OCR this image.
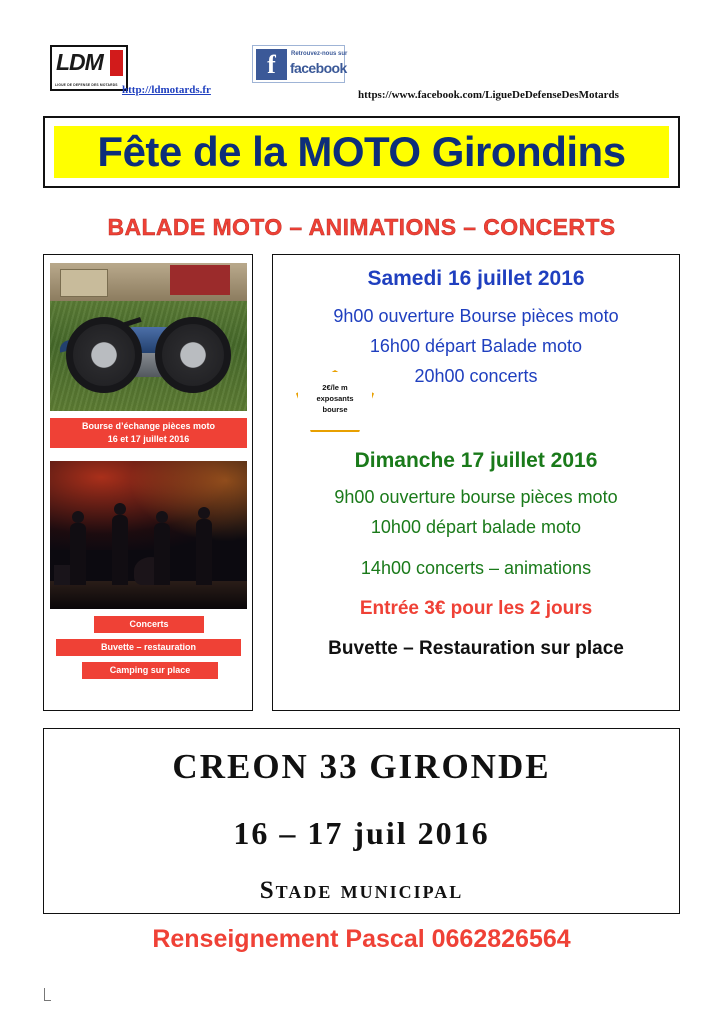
LDM
LIGUE DE DEFENSE DES MOTARDS http://ldmotards.fr
f	Retrouvez-nous sur
facebook
https://www.facebook.com/LigueDeDefenseDesMotards
Fête de la MOTO Girondins
BALADE MOTO – ANIMATIONS – CONCERTS
Bourse d’échange pièces moto
16 et 17 juillet 2016
Concerts
Buvette – restauration
Camping sur place
Samedi 16 juillet 2016
9h00 ouverture Bourse pièces moto
16h00 départ Balade moto
20h00 concerts
Dimanche 17 juillet 2016
9h00 ouverture bourse pièces moto
10h00 départ balade moto
14h00 concerts – animations
Entrée 3€ pour les 2 jours
Buvette – Restauration sur place
2€/le m
exposants
bourse
CREON 33 GIRONDE
16 – 17 juil 2016
Stade municipal
Renseignement Pascal 0662826564
